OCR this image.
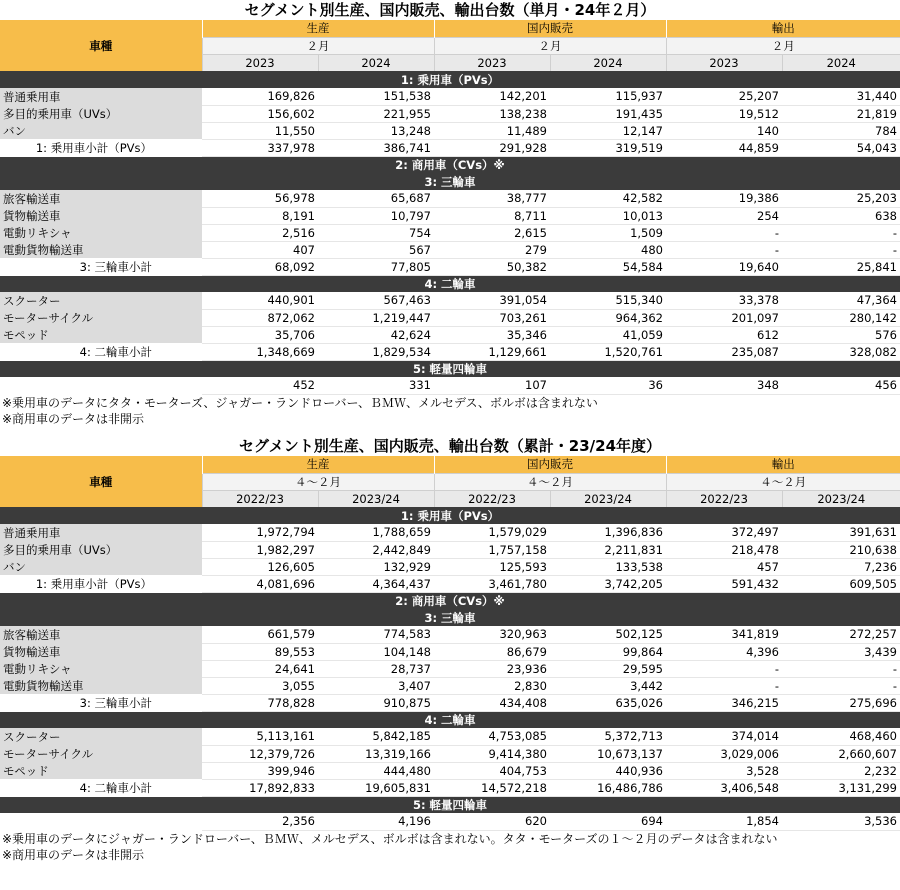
セグメント別生産、国内販売、輸出台数（単月・24年２月）
車種	生産		国内販売		輸出	
	２月		２月		２月	
	2023	2024	2023	2024	2023	2024
1: 乗用車（PVs）						
普通乗用車	169,826	151,538	142,201	115,937	25,207	31,440
多目的乗用車（UVs）	156,602	221,955	138,238	191,435	19,512	21,819
バン	11,550	13,248	11,489	12,147	140	784
1: 乗用車小計（PVs）	337,978	386,741	291,928	319,519	44,859	54,043
2: 商用車（CVs）※						
3: 三輪車						
旅客輸送車	56,978	65,687	38,777	42,582	19,386	25,203
貨物輸送車	8,191	10,797	8,711	10,013	254	638
電動リキシャ	2,516	754	2,615	1,509	-	-
電動貨物輸送車	407	567	279	480	-	-
3: 三輪車小計	68,092	77,805	50,382	54,584	19,640	25,841
4: 二輪車						
スクーター	440,901	567,463	391,054	515,340	33,378	47,364
モーターサイクル	872,062	1,219,447	703,261	964,362	201,097	280,142
モペッド	35,706	42,624	35,346	41,059	612	576
4: 二輪車小計	1,348,669	1,829,534	1,129,661	1,520,761	235,087	328,082
5: 軽量四輪車						
	452	331	107	36	348	456
※乗用車のデータにタタ・モーターズ、ジャガー・ランドローバー、ＢＭＷ、メルセデス、ボルボは含まれない
※商用車のデータは非開示
セグメント別生産、国内販売、輸出台数（累計・23/24年度）
車種	生産		国内販売		輸出	
	４～２月		４～２月		４～２月	
	2022/23	2023/24	2022/23	2023/24	2022/23	2023/24
1: 乗用車（PVs）						
普通乗用車	1,972,794	1,788,659	1,579,029	1,396,836	372,497	391,631
多目的乗用車（UVs）	1,982,297	2,442,849	1,757,158	2,211,831	218,478	210,638
バン	126,605	132,929	125,593	133,538	457	7,236
1: 乗用車小計（PVs）	4,081,696	4,364,437	3,461,780	3,742,205	591,432	609,505
2: 商用車（CVs）※						
3: 三輪車						
旅客輸送車	661,579	774,583	320,963	502,125	341,819	272,257
貨物輸送車	89,553	104,148	86,679	99,864	4,396	3,439
電動リキシャ	24,641	28,737	23,936	29,595	-	-
電動貨物輸送車	3,055	3,407	2,830	3,442	-	-
3: 三輪車小計	778,828	910,875	434,408	635,026	346,215	275,696
4: 二輪車						
スクーター	5,113,161	5,842,185	4,753,085	5,372,713	374,014	468,460
モーターサイクル	12,379,726	13,319,166	9,414,380	10,673,137	3,029,006	2,660,607
モペッド	399,946	444,480	404,753	440,936	3,528	2,232
4: 二輪車小計	17,892,833	19,605,831	14,572,218	16,486,786	3,406,548	3,131,299
5: 軽量四輪車						
	2,356	4,196	620	694	1,854	3,536
※乗用車のデータにジャガー・ランドローバー、ＢＭＷ、メルセデス、ボルボは含まれない。タタ・モーターズの１～２月のデータは含まれない
※商用車のデータは非開示
